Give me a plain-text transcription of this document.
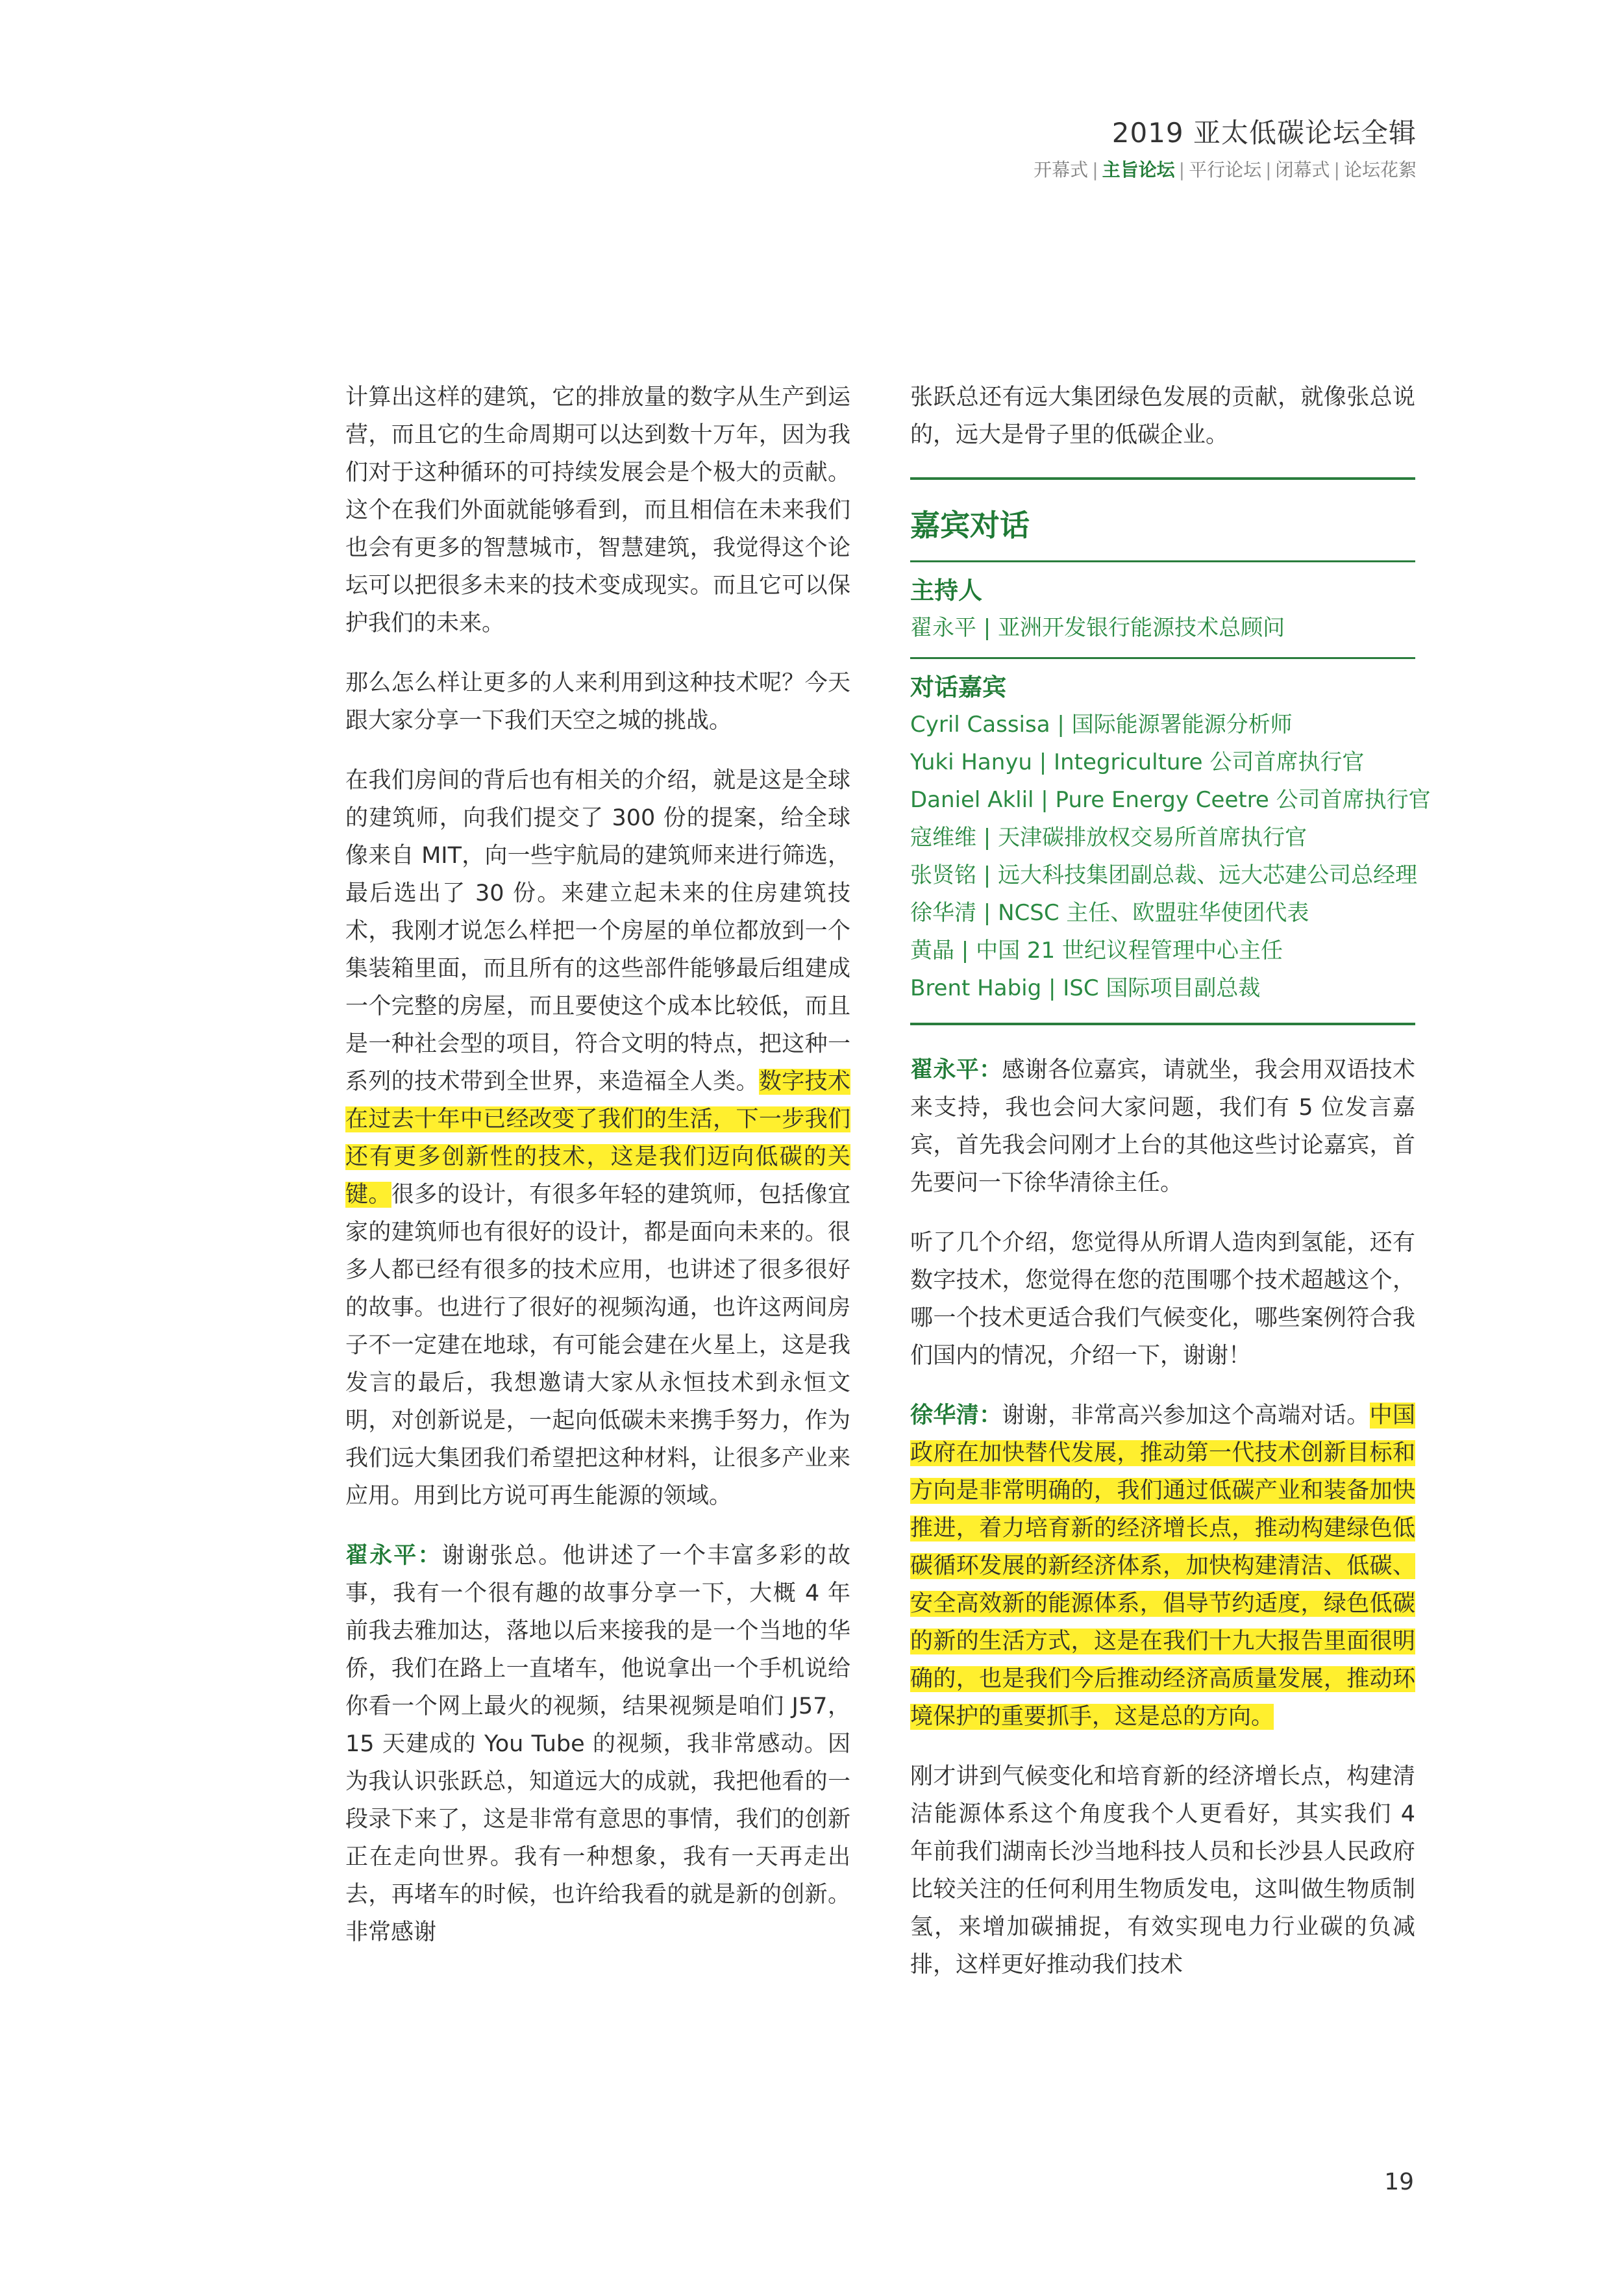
2019 亚太低碳论坛全辑
开幕式 | 主旨论坛 | 平行论坛 | 闭幕式 | 论坛花絮

计算出这样的建筑，它的排放量的数字从生产到运营，而且它的生命周期可以达到数十万年，因为我们对于这种循环的可持续发展会是个极大的贡献。这个在我们外面就能够看到，而且相信在未来我们也会有更多的智慧城市，智慧建筑，我觉得这个论坛可以把很多未来的技术变成现实。而且它可以保护我们的未来。

那么怎么样让更多的人来利用到这种技术呢？今天跟大家分享一下我们天空之城的挑战。

在我们房间的背后也有相关的介绍，就是这是全球的建筑师，向我们提交了 300 份的提案，给全球像来自 MIT，向一些宇航局的建筑师来进行筛选，最后选出了 30 份。来建立起未来的住房建筑技术，我刚才说怎么样把一个房屋的单位都放到一个集装箱里面，而且所有的这些部件能够最后组建成一个完整的房屋，而且要使这个成本比较低，而且是一种社会型的项目，符合文明的特点，把这种一系列的技术带到全世界，来造福全人类。数字技术在过去十年中已经改变了我们的生活，下一步我们还有更多创新性的技术，这是我们迈向低碳的关键。很多的设计，有很多年轻的建筑师，包括像宜家的建筑师也有很好的设计，都是面向未来的。很多人都已经有很多的技术应用，也讲述了很多很好的故事。也进行了很好的视频沟通，也许这两间房子不一定建在地球，有可能会建在火星上，这是我发言的最后，我想邀请大家从永恒技术到永恒文明，对创新说是，一起向低碳未来携手努力，作为我们远大集团我们希望把这种材料，让很多产业来应用。用到比方说可再生能源的领域。

翟永平：谢谢张总。他讲述了一个丰富多彩的故事，我有一个很有趣的故事分享一下，大概 4 年前我去雅加达，落地以后来接我的是一个当地的华侨，我们在路上一直堵车，他说拿出一个手机说给你看一个网上最火的视频，结果视频是咱们 J57，15 天建成的 You Tube 的视频，我非常感动。因为我认识张跃总，知道远大的成就，我把他看的一段录下来了，这是非常有意思的事情，我们的创新正在走向世界。我有一种想象，我有一天再走出去，再堵车的时候，也许给我看的就是新的创新。非常感谢

张跃总还有远大集团绿色发展的贡献，就像张总说的，远大是骨子里的低碳企业。

嘉宾对话
主持人
翟永平 | 亚洲开发银行能源技术总顾问
对话嘉宾
Cyril Cassisa | 国际能源署能源分析师
Yuki Hanyu | Integriculture 公司首席执行官
Daniel Aklil | Pure Energy Ceetre 公司首席执行官
寇维维 | 天津碳排放权交易所首席执行官
张贤铭 | 远大科技集团副总裁、远大芯建公司总经理
徐华清 | NCSC 主任、欧盟驻华使团代表
黄晶 | 中国 21 世纪议程管理中心主任
Brent Habig | ISC 国际项目副总裁

翟永平：感谢各位嘉宾，请就坐，我会用双语技术来支持，我也会问大家问题，我们有 5 位发言嘉宾，首先我会问刚才上台的其他这些讨论嘉宾，首先要问一下徐华清徐主任。

听了几个介绍，您觉得从所谓人造肉到氢能，还有数字技术，您觉得在您的范围哪个技术超越这个，哪一个技术更适合我们气候变化，哪些案例符合我们国内的情况，介绍一下，谢谢！

徐华清：谢谢，非常高兴参加这个高端对话。中国政府在加快替代发展，推动第一代技术创新目标和方向是非常明确的，我们通过低碳产业和装备加快推进，着力培育新的经济增长点，推动构建绿色低碳循环发展的新经济体系，加快构建清洁、低碳、安全高效新的能源体系，倡导节约适度，绿色低碳的新的生活方式，这是在我们十九大报告里面很明确的，也是我们今后推动经济高质量发展，推动环境保护的重要抓手，这是总的方向。

刚才讲到气候变化和培育新的经济增长点，构建清洁能源体系这个角度我个人更看好，其实我们 4 年前我们湖南长沙当地科技人员和长沙县人民政府比较关注的任何利用生物质发电，这叫做生物质制氢，来增加碳捕捉，有效实现电力行业碳的负减排，这样更好推动我们技术

19
